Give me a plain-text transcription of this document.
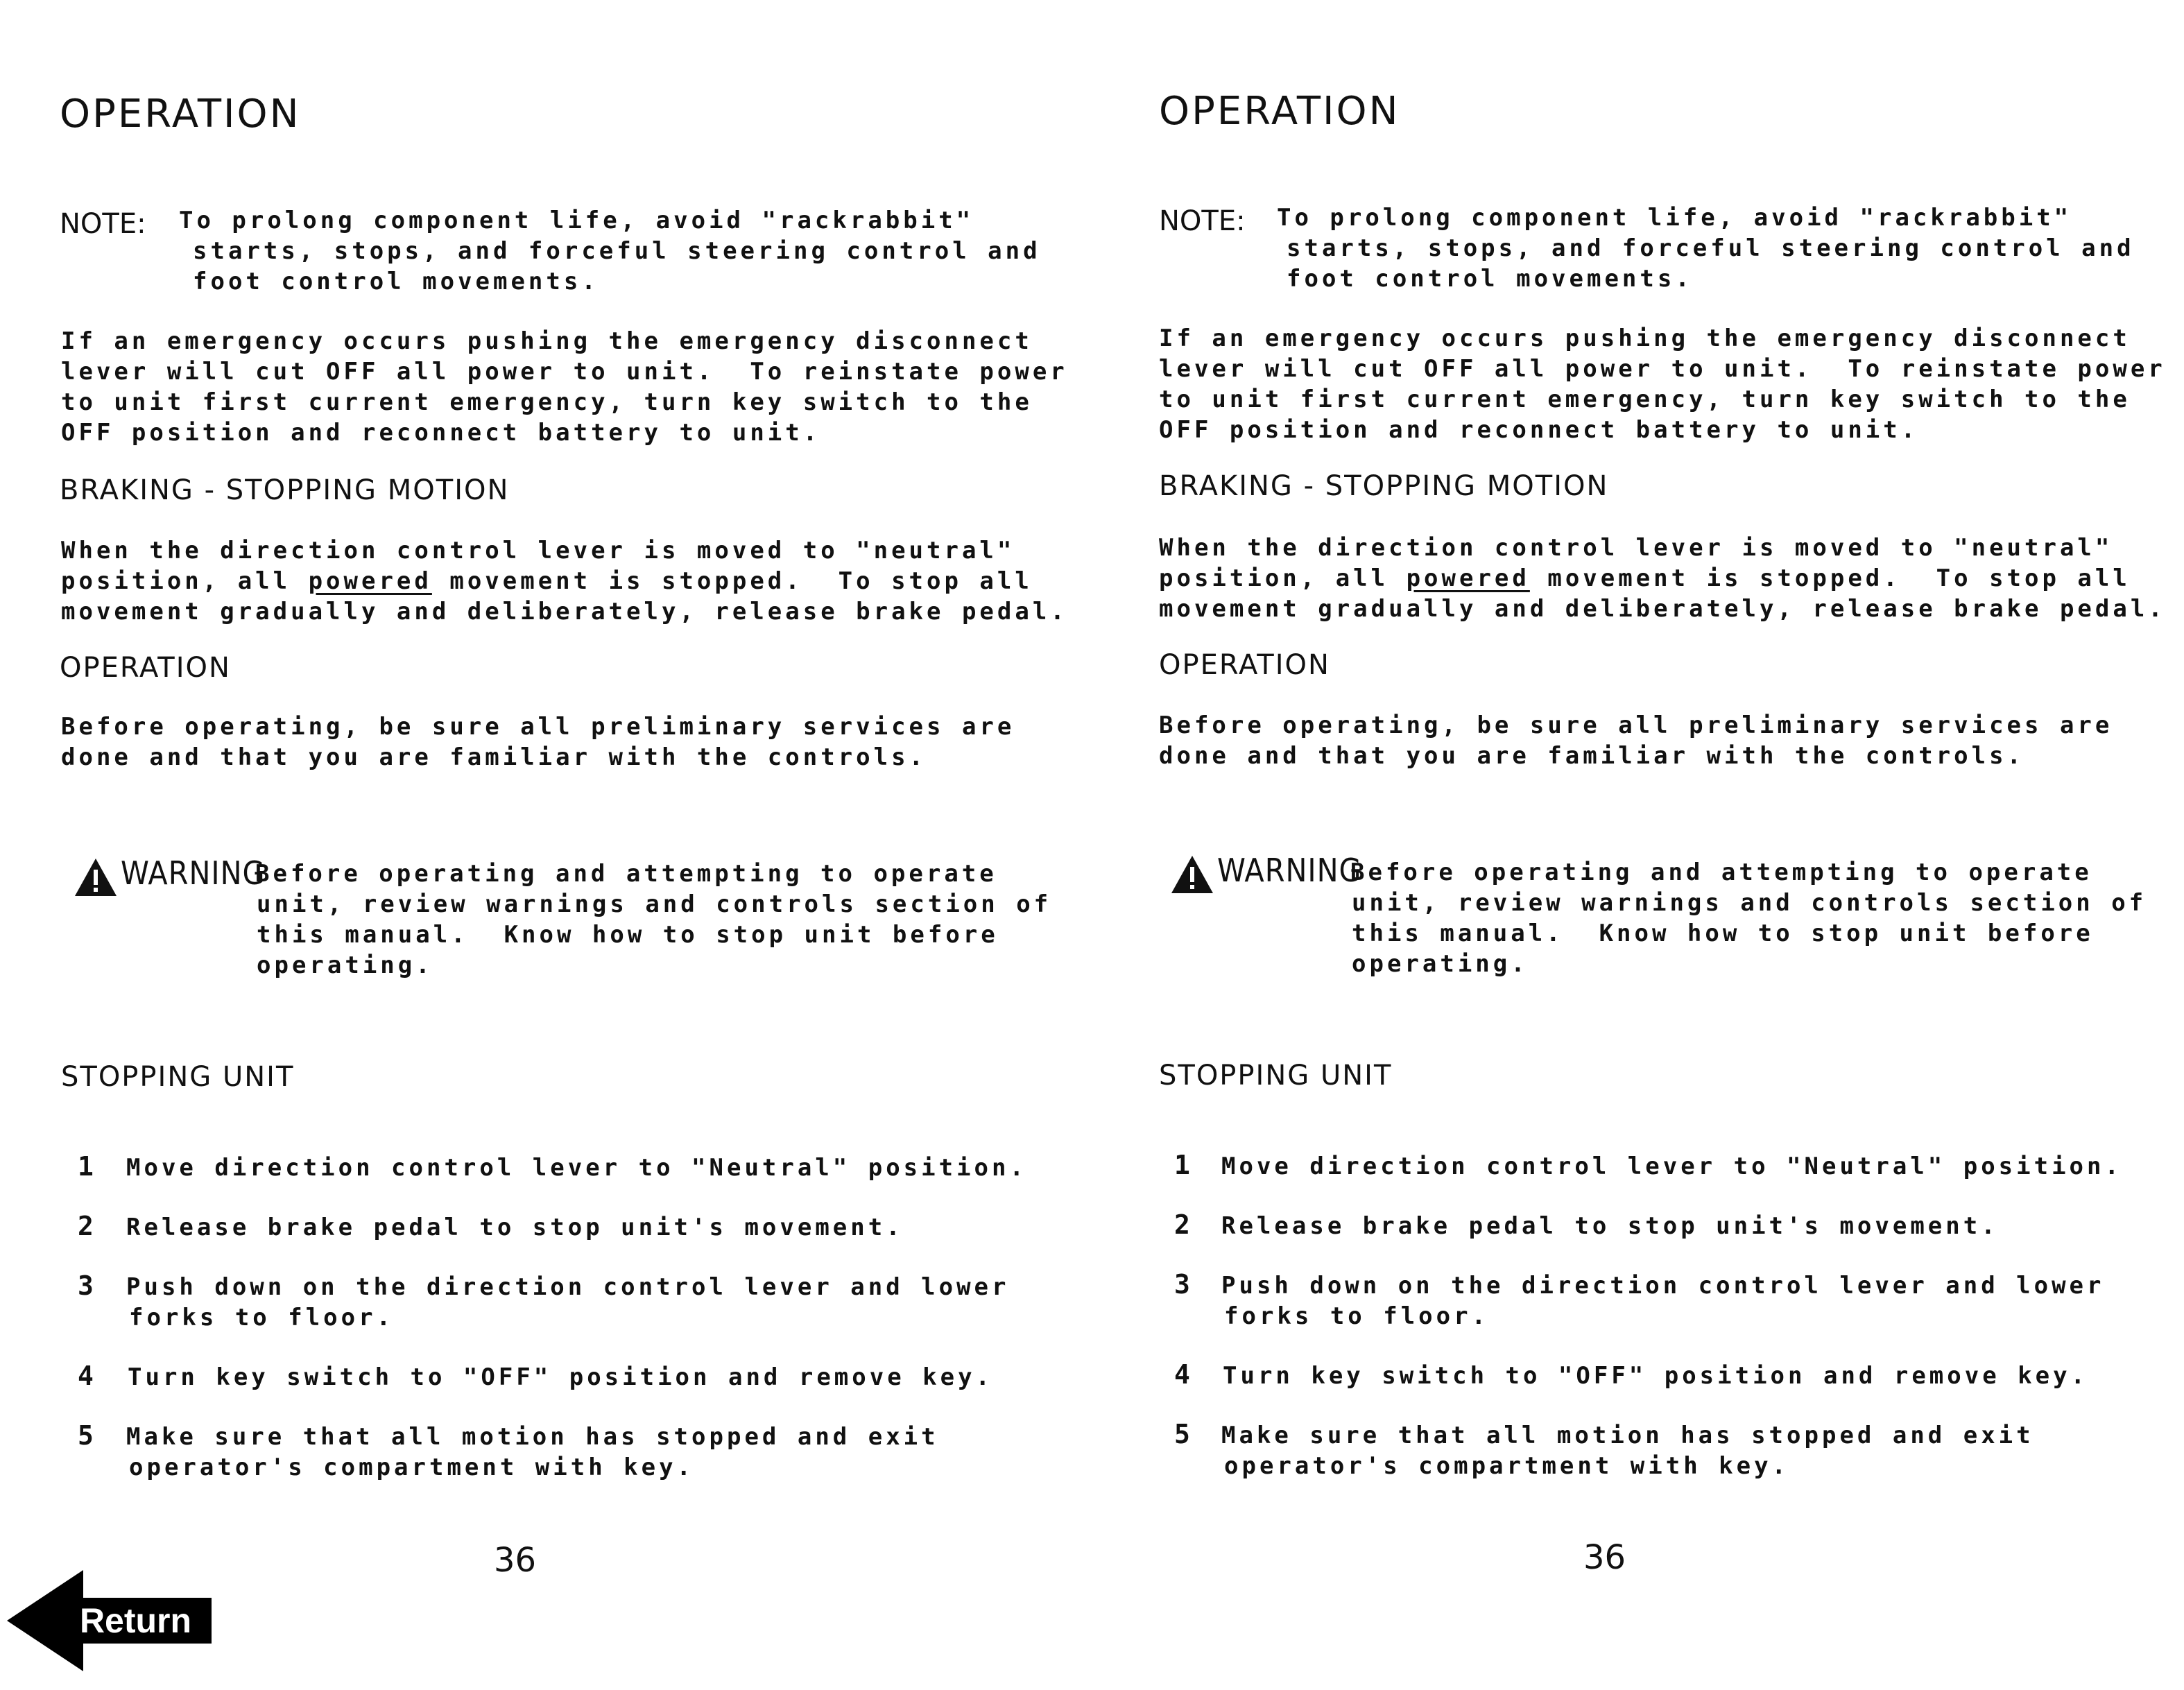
OPERATION
NOTE: To prolong component life, avoid "rackrabbit"
starts, stops, and forceful steering control and
foot control movements.
If an emergency occurs pushing the emergency disconnect
lever will cut OFF all power to unit.  To reinstate power
to unit first current emergency, turn key switch to the
OFF position and reconnect battery to unit.
BRAKING - STOPPING MOTION
When the direction control lever is moved to "neutral"
position, all powered movement is stopped.  To stop all
movement gradually and deliberately, release brake pedal.
OPERATION
Before operating, be sure all preliminary services are
done and that you are familiar with the controls.
WARNING
Before operating and attempting to operate
unit, review warnings and controls section of
this manual.  Know how to stop unit before
operating.
STOPPING UNIT
1 Move direction control lever to "Neutral" position.
2 Release brake pedal to stop unit's movement.
3 Push down on the direction control lever and lower
forks to floor.
4 Turn key switch to "OFF" position and remove key.
5 Make sure that all motion has stopped and exit
operator's compartment with key.
36
OPERATION
NOTE: To prolong component life, avoid "rackrabbit"
starts, stops, and forceful steering control and
foot control movements.
If an emergency occurs pushing the emergency disconnect
lever will cut OFF all power to unit.  To reinstate power
to unit first current emergency, turn key switch to the
OFF position and reconnect battery to unit.
BRAKING - STOPPING MOTION
When the direction control lever is moved to "neutral"
position, all powered movement is stopped.  To stop all
movement gradually and deliberately, release brake pedal.
OPERATION
Before operating, be sure all preliminary services are
done and that you are familiar with the controls.
WARNING
Before operating and attempting to operate
unit, review warnings and controls section of
this manual.  Know how to stop unit before
operating.
STOPPING UNIT
1 Move direction control lever to "Neutral" position.
2 Release brake pedal to stop unit's movement.
3 Push down on the direction control lever and lower
forks to floor.
4 Turn key switch to "OFF" position and remove key.
5 Make sure that all motion has stopped and exit
operator's compartment with key.
36
Return
